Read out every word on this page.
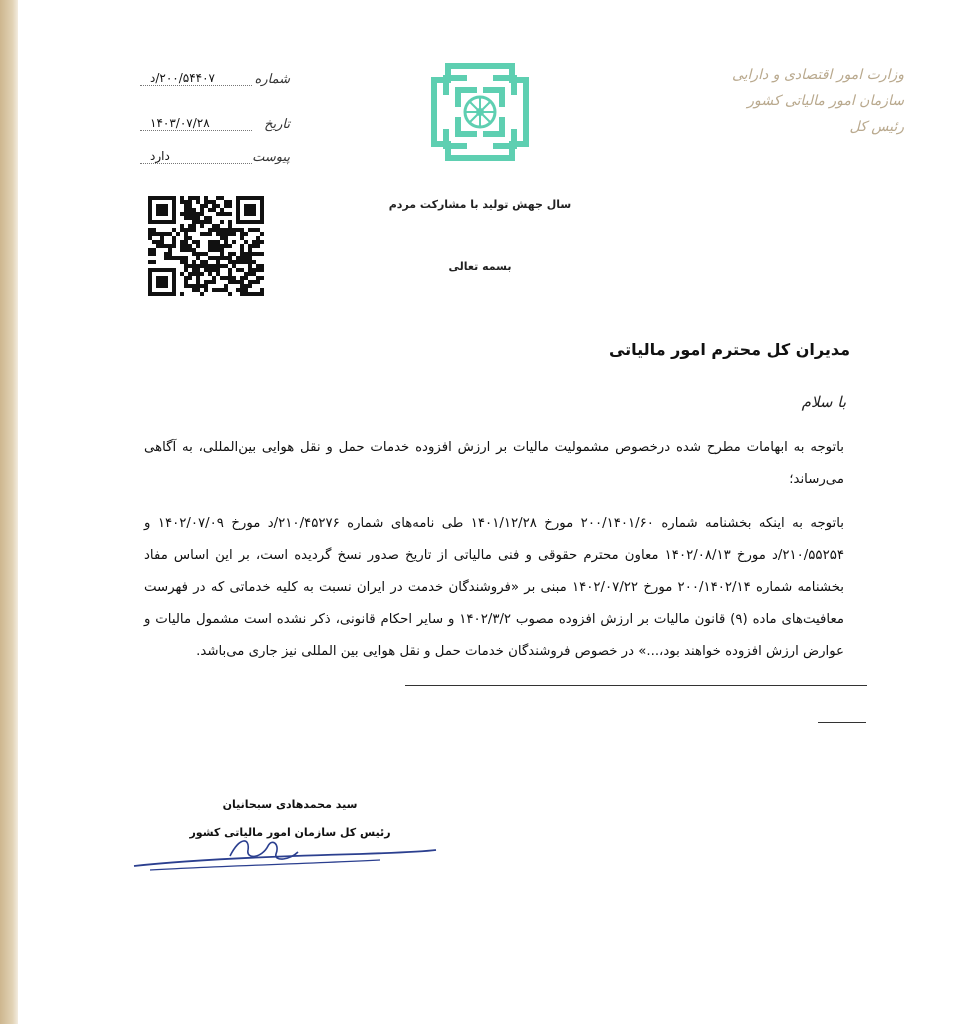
وزارت امور اقتصادی و دارایی
سازمان امور مالیاتی کشور
رئیس کل
سال جهش تولید با مشارکت مردم
بسمه تعالی
شماره
۲۰۰/۵۴۴۰۷/د
تاریخ
۱۴۰۳/۰۷/۲۸
پیوست
دارد
مدیران کل محترم امور مالیاتی
با سلام
باتوجه به ابهامات مطرح شده درخصوص مشمولیت مالیات بر ارزش افزوده خدمات حمل و نقل هوایی بین‌المللی، به آگاهی می‌رساند؛
باتوجه به اینکه بخشنامه شماره ۲۰۰/۱۴۰۱/۶۰ مورخ ۱۴۰۱/۱۲/۲۸ طی نامه‌های شماره ۲۱۰/۴۵۲۷۶/د مورخ ۱۴۰۲/۰۷/۰۹ و ۲۱۰/۵۵۲۵۴/د مورخ ۱۴۰۲/۰۸/۱۳ معاون محترم حقوقی و فنی مالیاتی از تاریخ صدور نسخ گردیده است، بر این اساس مفاد بخشنامه شماره ۲۰۰/۱۴۰۲/۱۴ مورخ ۱۴۰۲/۰۷/۲۲ مبنی بر «فروشندگان خدمت در ایران نسبت به کلیه خدماتی که در فهرست معافیت‌های ماده (۹) قانون مالیات بر ارزش افزوده مصوب ۱۴۰۲/۳/۲ و سایر احکام قانونی، ذکر نشده است مشمول مالیات و عوارض ارزش افزوده خواهند بود،...» در خصوص فروشندگان خدمات حمل و نقل هوایی بین المللی نیز جاری می‌باشد.
سید محمدهادی سبحانیان
رئیس کل سازمان امور مالیاتی کشور
